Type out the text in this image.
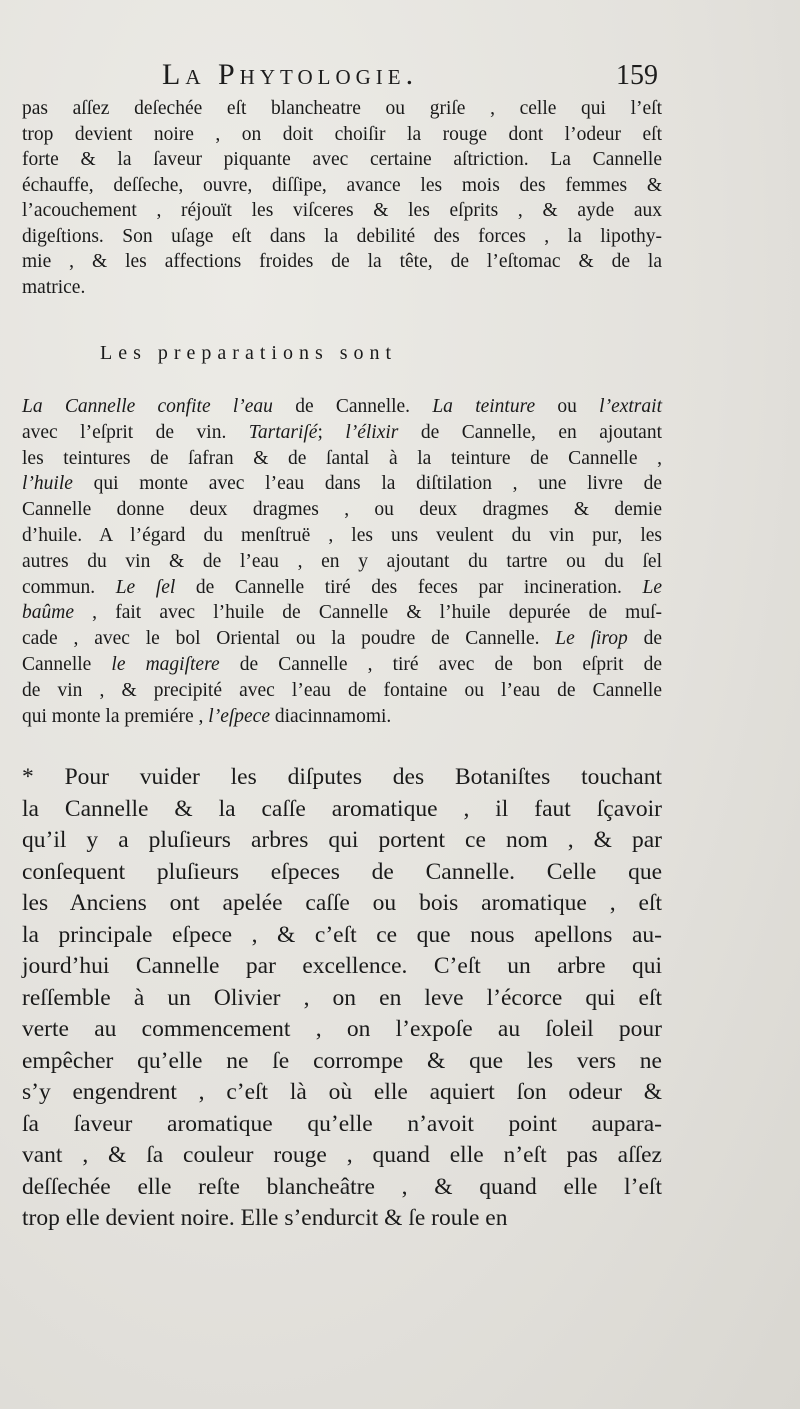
La Phytologie.	159
pas aſſez deſechée eſt blancheatre ou griſe , celle qui l’eſt
trop devient noire , on doit choiſir la rouge dont l’odeur eſt
forte & la ſaveur piquante avec certaine aſtriction. La Cannelle
échauffe, deſſeche, ouvre, diſſipe, avance les mois des femmes &
l’acouchement , réjouït les viſceres & les eſprits , & ayde aux
digeſtions. Son uſage eſt dans la debilité des forces , la lipothy-
mie , & les affections froides de la tête, de l’eſtomac & de la
matrice.
Les preparations sont
La Cannelle confite l’eau de Cannelle. La teinture ou l’extrait
avec l’eſprit de vin. Tartariſé; l’élixir de Cannelle, en ajoutant
les teintures de ſafran & de ſantal à la teinture de Cannelle ,
l’huile qui monte avec l’eau dans la diſtilation , une livre de
Cannelle donne deux dragmes , ou deux dragmes & demie
d’huile. A l’égard du menſtruë , les uns veulent du vin pur, les
autres du vin & de l’eau , en y ajoutant du tartre ou du ſel
commun. Le ſel de Cannelle tiré des feces par incineration. Le
baûme , fait avec l’huile de Cannelle & l’huile depurée de muſ-
cade , avec le bol Oriental ou la poudre de Cannelle. Le ſirop de
Cannelle le magiſtere de Cannelle , tiré avec de bon eſprit de
de vin , & precipité avec l’eau de fontaine ou l’eau de Cannelle
qui monte la premiére , l’eſpece diacinnamomi.
* Pour vuider les diſputes des Botaniſtes touchant
la Cannelle & la caſſe aromatique , il faut ſçavoir
qu’il y a pluſieurs arbres qui portent ce nom , & par
conſequent pluſieurs eſpeces de Cannelle. Celle que
les Anciens ont apelée caſſe ou bois aromatique , eſt
la principale eſpece , & c’eſt ce que nous apellons au-
jourd’hui Cannelle par excellence. C’eſt un arbre qui
reſſemble à un Olivier , on en leve l’écorce qui eſt
verte au commencement , on l’expoſe au ſoleil pour
empêcher qu’elle ne ſe corrompe & que les vers ne
s’y engendrent , c’eſt là où elle aquiert ſon odeur &
ſa ſaveur aromatique qu’elle n’avoit point aupara-
vant , & ſa couleur rouge , quand elle n’eſt pas aſſez
deſſechée elle reſte blancheâtre , & quand elle l’eſt
trop elle devient noire. Elle s’endurcit & ſe roule en
